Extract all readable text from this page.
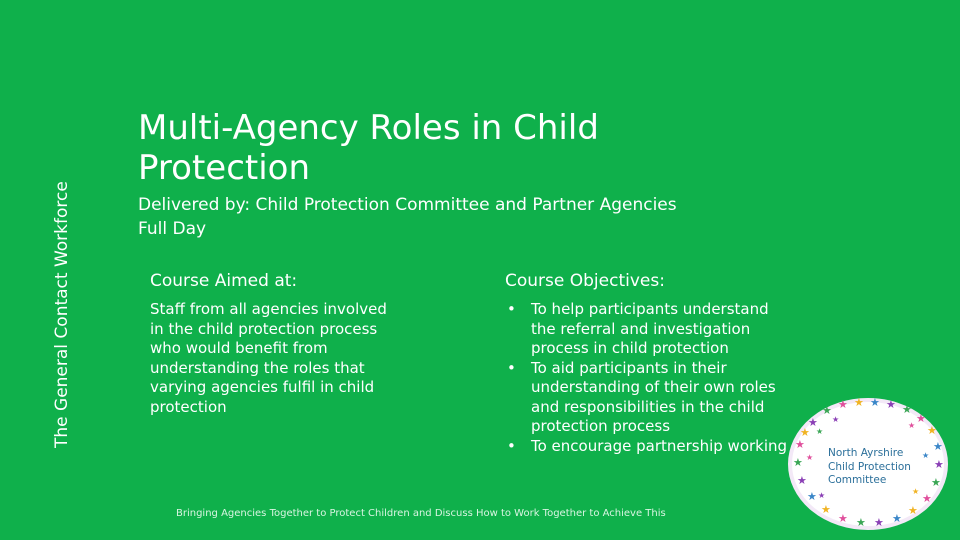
The General Contact Workforce
Multi-Agency Roles in Child Protection
Delivered by: Child Protection Committee and Partner Agencies
Full Day
Course Aimed at:
Staff from all agencies involved in the child protection process who would benefit from understanding the roles that varying agencies fulfil in child protection
Course Objectives:
• To help participants understand the referral and investigation process in child protection
• To aid participants in their understanding of their own roles and responsibilities in the child protection process
• To encourage partnership working
Bringing Agencies Together to Protect Children and Discuss How to Work Together to Achieve This
★
★ ★ ★ ★ ★ ★
★
★
★
★
★
★
★
★
★
★
★
★
★
★
★
★
★ ★
★
★
★
★
★
★ North Ayrshire
Child Protection
Committee
